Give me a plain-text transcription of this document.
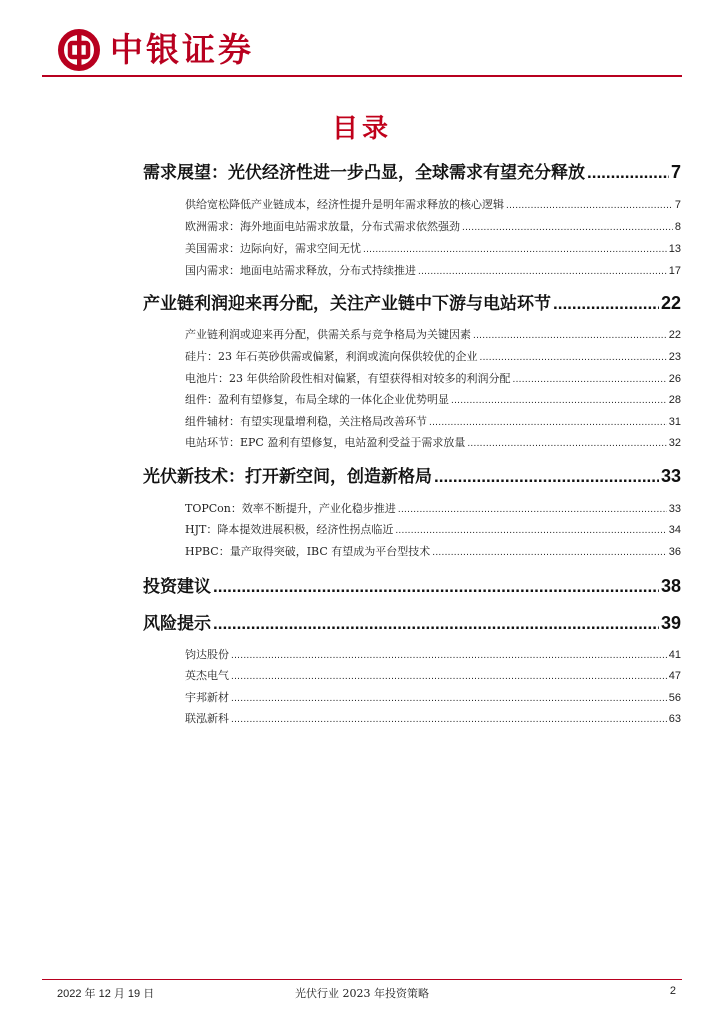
中银证券
目录
需求展望：光伏经济性进一步凸显，全球需求有望充分释放 .....	7
供给宽松降低产业链成本，经济性提升是明年需求释放的核心逻辑 .....	7
欧洲需求：海外地面电站需求放量，分布式需求依然强劲 .....	8
美国需求：边际向好，需求空间无忧 .....	13
国内需求：地面电站需求释放，分布式持续推进 .....	17
产业链利润迎来再分配，关注产业链中下游与电站环节 .....	22
产业链利润或迎来再分配，供需关系与竞争格局为关键因素 .....	22
硅片：23 年石英砂供需或偏紧，利润或流向保供较优的企业 .....	23
电池片：23 年供给阶段性相对偏紧，有望获得相对较多的利润分配 .....	26
组件：盈利有望修复，布局全球的一体化企业优势明显 .....	28
组件辅材：有望实现量增利稳，关注格局改善环节 .....	31
电站环节：EPC 盈利有望修复，电站盈利受益于需求放量 .....	32
光伏新技术：打开新空间，创造新格局 .....	33
TOPCon：效率不断提升，产业化稳步推进 .....	33
HJT：降本提效进展积极，经济性拐点临近 .....	34
HPBC：量产取得突破，IBC 有望成为平台型技术 .....	36
投资建议 .....	38
风险提示 .....	39
钧达股份 .....	41
英杰电气 .....	47
宇邦新材 .....	56
联泓新科 .....	63
2022 年 12 月 19 日	光伏行业 2023 年投资策略	2
